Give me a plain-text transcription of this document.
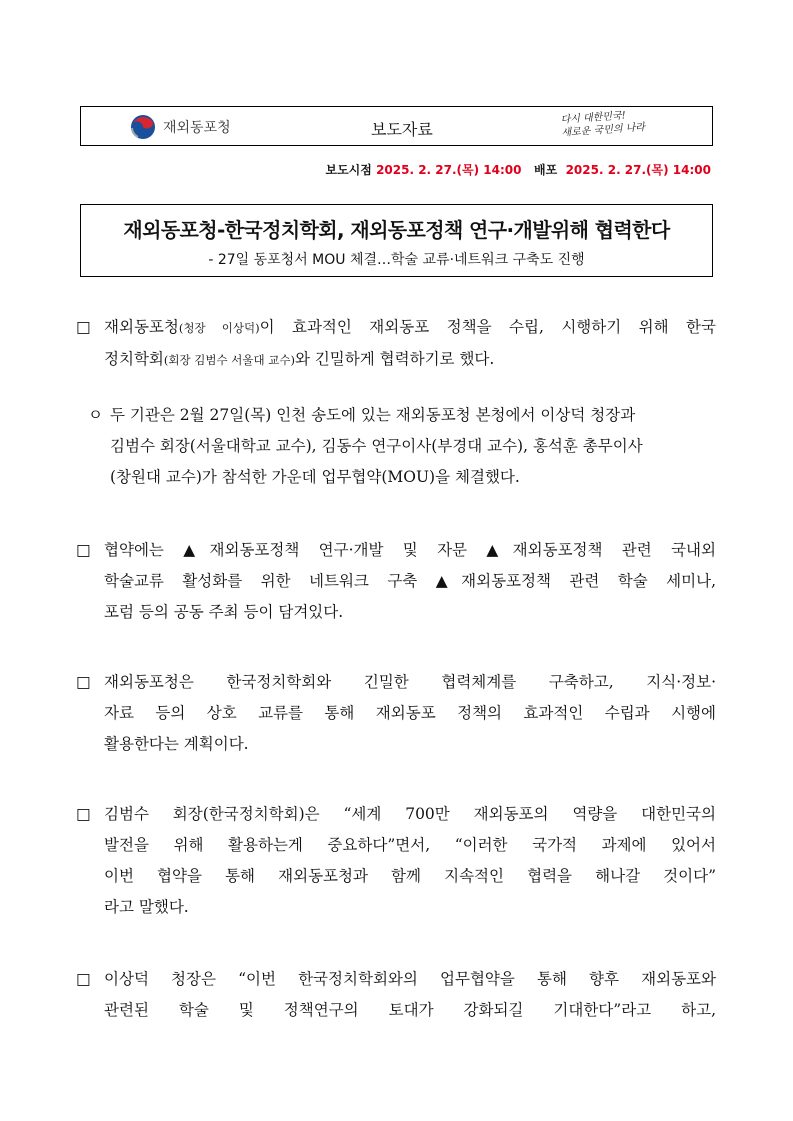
재외동포청	보도자료
다시 대한민국!
새로운 국민의 나라
보도시점 2025. 2. 27.(목) 14:00 배포 2025. 2. 27.(목) 14:00
재외동포청-한국정치학회, 재외동포정책 연구·개발위해 협력한다
- 27일 동포청서 MOU 체결…학술 교류·네트워크 구축도 진행
□ 재외동포청(청장 이상덕)이 효과적인 재외동포 정책을 수립, 시행하기 위해 한국
정치학회(회장 김범수 서울대 교수)와 긴밀하게 협력하기로 했다.
ㅇ 두 기관은 2월 27일(목) 인천 송도에 있는 재외동포청 본청에서 이상덕 청장과
김범수 회장(서울대학교 교수), 김동수 연구이사(부경대 교수), 홍석훈 총무이사
(창원대 교수)가 참석한 가운데 업무협약(MOU)을 체결했다.
□ 협약에는 ▲재외동포정책 연구·개발 및 자문 ▲재외동포정책 관련 국내외
학술교류 활성화를 위한 네트워크 구축 ▲재외동포정책 관련 학술 세미나,
포럼 등의 공동 주최 등이 담겨있다.
□ 재외동포청은 한국정치학회와 긴밀한 협력체계를 구축하고, 지식·정보·
자료 등의 상호 교류를 통해 재외동포 정책의 효과적인 수립과 시행에
활용한다는 계획이다.
□ 김범수 회장(한국정치학회)은 “세계 700만 재외동포의 역량을 대한민국의
발전을 위해 활용하는게 중요하다”면서, “이러한 국가적 과제에 있어서
이번 협약을 통해 재외동포청과 함께 지속적인 협력을 해나갈 것이다”
라고 말했다.
□ 이상덕 청장은 “이번 한국정치학회와의 업무협약을 통해 향후 재외동포와
관련된 학술 및 정책연구의 토대가 강화되길 기대한다”라고 하고,
